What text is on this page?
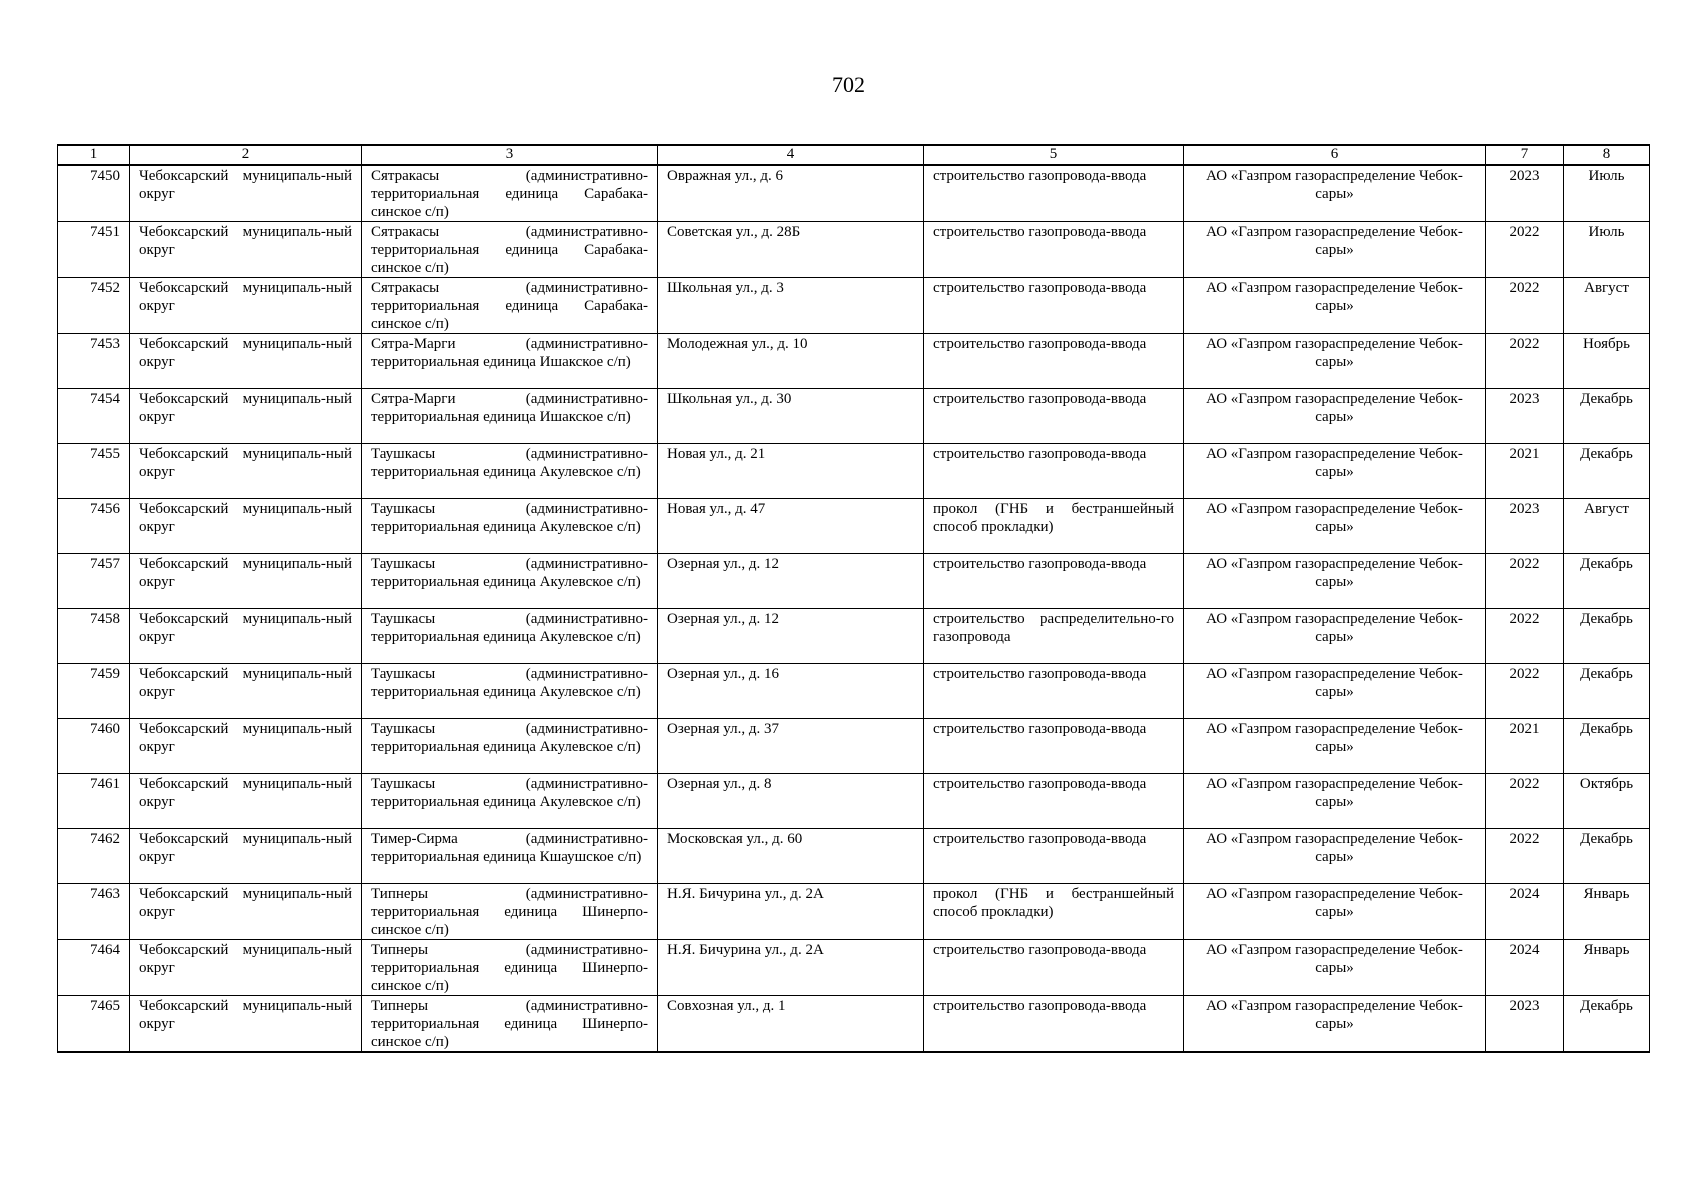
702
1	2	3	4	5	6	7	8
7450	Чебоксарский муниципаль-ный округ	Сятракасы (административно-территориальная единица Сарабака-синское с/п)	Овражная ул., д. 6	строительство газопровода-ввода	АО «Газпром газораспределение Чебок-сары»	2023	Июль
7451	Чебоксарский муниципаль-ный округ	Сятракасы (административно-территориальная единица Сарабака-синское с/п)	Советская ул., д. 28Б	строительство газопровода-ввода	АО «Газпром газораспределение Чебок-сары»	2022	Июль
7452	Чебоксарский муниципаль-ный округ	Сятракасы (административно-территориальная единица Сарабака-синское с/п)	Школьная ул., д. 3	строительство газопровода-ввода	АО «Газпром газораспределение Чебок-сары»	2022	Август
7453	Чебоксарский муниципаль-ный округ	Сятра-Марги (административно-территориальная единица Ишакское с/п)	Молодежная ул., д. 10	строительство газопровода-ввода	АО «Газпром газораспределение Чебок-сары»	2022	Ноябрь
7454	Чебоксарский муниципаль-ный округ	Сятра-Марги (административно-территориальная единица Ишакское с/п)	Школьная ул., д. 30	строительство газопровода-ввода	АО «Газпром газораспределение Чебок-сары»	2023	Декабрь
7455	Чебоксарский муниципаль-ный округ	Таушкасы (административно-территориальная единица Акулевское с/п)	Новая ул., д. 21	строительство газопровода-ввода	АО «Газпром газораспределение Чебок-сары»	2021	Декабрь
7456	Чебоксарский муниципаль-ный округ	Таушкасы (административно-территориальная единица Акулевское с/п)	Новая ул., д. 47	прокол (ГНБ и бестраншейный способ прокладки)	АО «Газпром газораспределение Чебок-сары»	2023	Август
7457	Чебоксарский муниципаль-ный округ	Таушкасы (административно-территориальная единица Акулевское с/п)	Озерная ул., д. 12	строительство газопровода-ввода	АО «Газпром газораспределение Чебок-сары»	2022	Декабрь
7458	Чебоксарский муниципаль-ный округ	Таушкасы (административно-территориальная единица Акулевское с/п)	Озерная ул., д. 12	строительство распределительно-го газопровода	АО «Газпром газораспределение Чебок-сары»	2022	Декабрь
7459	Чебоксарский муниципаль-ный округ	Таушкасы (административно-территориальная единица Акулевское с/п)	Озерная ул., д. 16	строительство газопровода-ввода	АО «Газпром газораспределение Чебок-сары»	2022	Декабрь
7460	Чебоксарский муниципаль-ный округ	Таушкасы (административно-территориальная единица Акулевское с/п)	Озерная ул., д. 37	строительство газопровода-ввода	АО «Газпром газораспределение Чебок-сары»	2021	Декабрь
7461	Чебоксарский муниципаль-ный округ	Таушкасы (административно-территориальная единица Акулевское с/п)	Озерная ул., д. 8	строительство газопровода-ввода	АО «Газпром газораспределение Чебок-сары»	2022	Октябрь
7462	Чебоксарский муниципаль-ный округ	Тимер-Сирма (административно-территориальная единица Кшаушское с/п)	Московская ул., д. 60	строительство газопровода-ввода	АО «Газпром газораспределение Чебок-сары»	2022	Декабрь
7463	Чебоксарский муниципаль-ный округ	Типнеры (административно-территориальная единица Шинерпо-синское с/п)	Н.Я. Бичурина ул., д. 2А	прокол (ГНБ и бестраншейный способ прокладки)	АО «Газпром газораспределение Чебок-сары»	2024	Январь
7464	Чебоксарский муниципаль-ный округ	Типнеры (административно-территориальная единица Шинерпо-синское с/п)	Н.Я. Бичурина ул., д. 2А	строительство газопровода-ввода	АО «Газпром газораспределение Чебок-сары»	2024	Январь
7465	Чебоксарский муниципаль-ный округ	Типнеры (административно-территориальная единица Шинерпо-синское с/п)	Совхозная ул., д. 1	строительство газопровода-ввода	АО «Газпром газораспределение Чебок-сары»	2023	Декабрь
